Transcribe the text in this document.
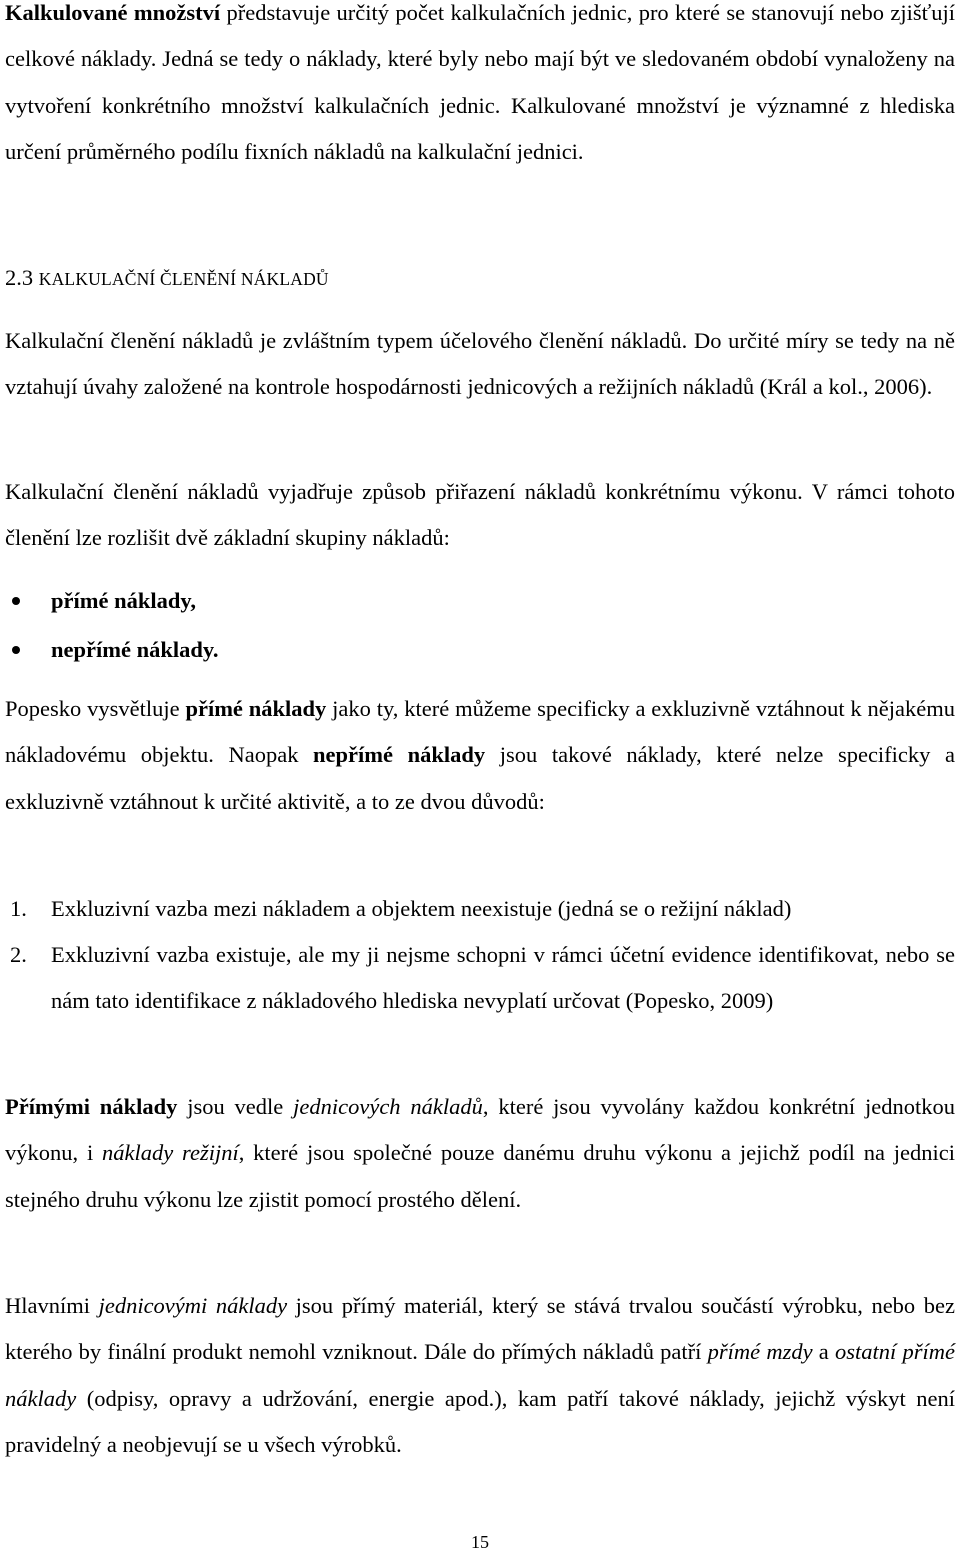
Kalkulované množství představuje určitý počet kalkulačních jednic, pro které se stanovují nebo zjišťují celkové náklady. Jedná se tedy o náklady, které byly nebo mají být ve sledovaném období vynaloženy na vytvoření konkrétního množství kalkulačních jednic. Kalkulované množství je významné z hlediska určení průměrného podílu fixních nákladů na kalkulační jednici.

2.3 KALKULAČNÍ ČLENĚNÍ NÁKLADŮ

Kalkulační členění nákladů je zvláštním typem účelového členění nákladů. Do určité míry se tedy na ně vztahují úvahy založené na kontrole hospodárnosti jednicových a režijních nákladů (Král a kol., 2006).

Kalkulační členění nákladů vyjadřuje způsob přiřazení nákladů konkrétnímu výkonu. V rámci tohoto členění lze rozlišit dvě základní skupiny nákladů:

přímé náklady,
nepřímé náklady.

Popesko vysvětluje přímé náklady jako ty, které můžeme specificky a exkluzivně vztáhnout k nějakému nákladovému objektu. Naopak nepřímé náklady jsou takové náklady, které nelze specificky a exkluzivně vztáhnout k určité aktivitě, a to ze dvou důvodů:

1. Exkluzivní vazba mezi nákladem a objektem neexistuje (jedná se o režijní náklad)
2. Exkluzivní vazba existuje, ale my ji nejsme schopni v rámci účetní evidence identifikovat, nebo se nám tato identifikace z nákladového hlediska nevyplatí určovat (Popesko, 2009)

Přímými náklady jsou vedle jednicových nákladů, které jsou vyvolány každou konkrétní jednotkou výkonu, i náklady režijní, které jsou společné pouze danému druhu výkonu a jejichž podíl na jednici stejného druhu výkonu lze zjistit pomocí prostého dělení.

Hlavními jednicovými náklady jsou přímý materiál, který se stává trvalou součástí výrobku, nebo bez kterého by finální produkt nemohl vzniknout. Dále do přímých nákladů patří přímé mzdy a ostatní přímé náklady (odpisy, opravy a udržování, energie apod.), kam patří takové náklady, jejichž výskyt není pravidelný a neobjevují se u všech výrobků.

15
